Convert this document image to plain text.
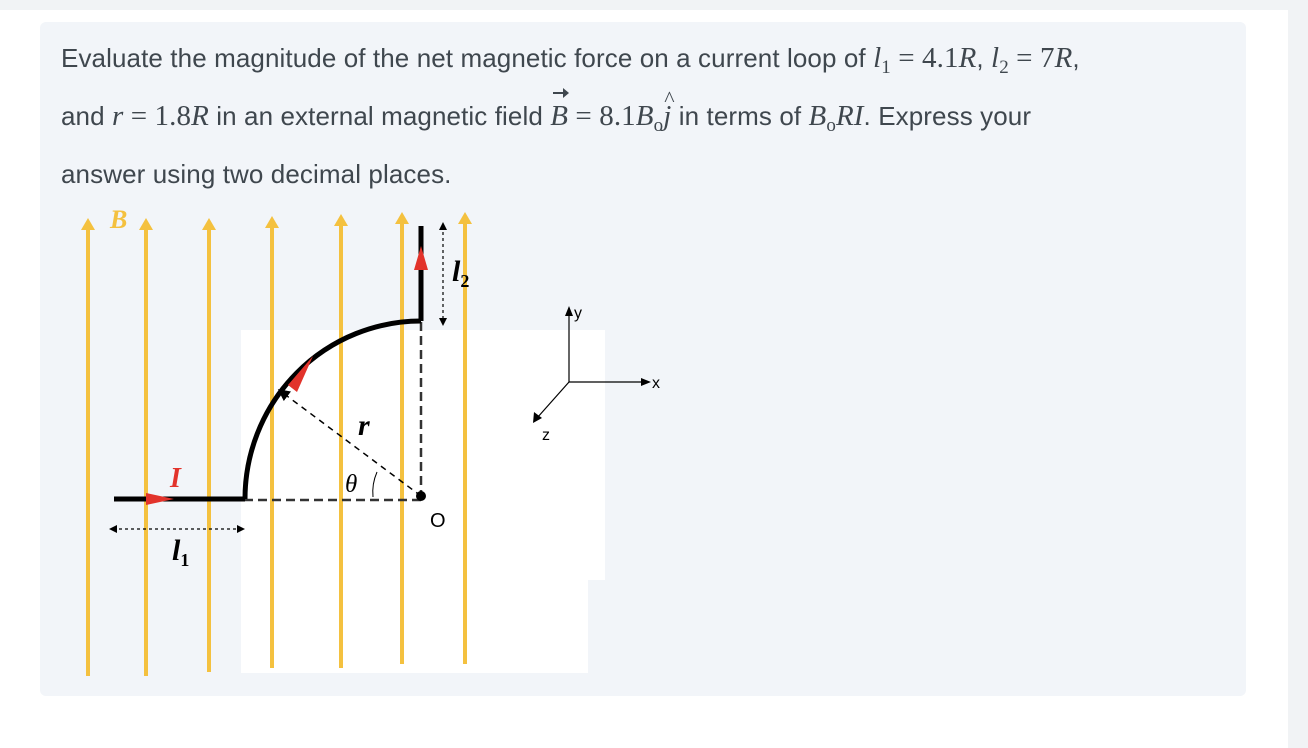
Evaluate the magnitude of the net magnetic force on a current loop of $l_1 = 4.1R$, $l_2 = 7R$,
and r = 1.8R in an external magnetic field $B = 8.1B_o\^{}$ j in terms of $B_oRI$. Express your
answer using two decimal places.
B
I	θ
r
O
$l_1$
$l_2$
y
x
z
